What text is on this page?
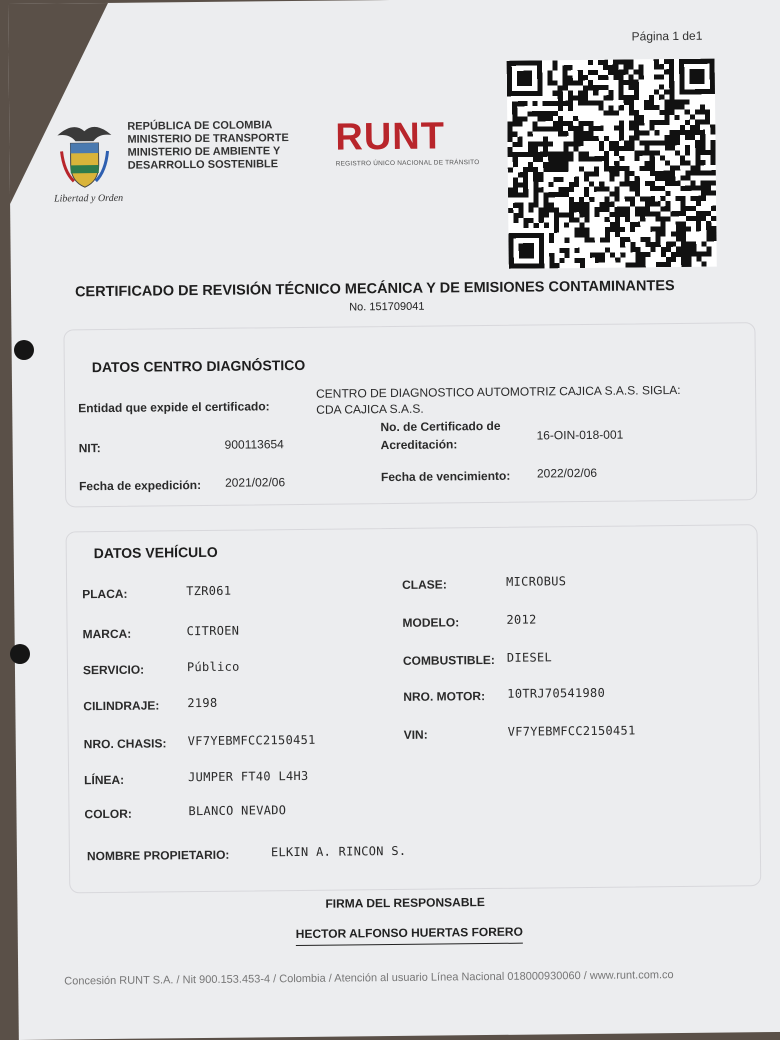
Página 1 de1
Libertad y Orden
REPÚBLICA DE COLOMBIA
MINISTERIO DE TRANSPORTE
MINISTERIO DE AMBIENTE Y
DESARROLLO SOSTENIBLE
RUNT
REGISTRO ÚNICO NACIONAL DE TRÁNSITO
CERTIFICADO DE REVISIÓN TÉCNICO MECÁNICA Y DE EMISIONES CONTAMINANTES
No. 151709041
DATOS CENTRO DIAGNÓSTICO
Entidad que expide el certificado:
CENTRO DE DIAGNOSTICO AUTOMOTRIZ CAJICA S.A.S. SIGLA:
CDA CAJICA S.A.S.
NIT:	900113654
No. de Certificado de
Acreditación:
16-OIN-018-001
Fecha de expedición: 2021/02/06	Fecha de vencimiento: 2022/02/06
DATOS VEHÍCULO
PLACA:	TZR061	CLASE:	MICROBUS
MARCA:	CITROEN
MODELO:	2012
SERVICIO:	Público	COMBUSTIBLE: DIESEL
CILINDRAJE: 2198	NRO. MOTOR: 10TRJ70541980
NRO. CHASIS: VF7YEBMFCC2150451	VIN:	VF7YEBMFCC2150451
LÍNEA:	JUMPER FT40 L4H3
COLOR:	BLANCO NEVADO
NOMBRE PROPIETARIO:	ELKIN A. RINCON S.
FIRMA DEL RESPONSABLE
HECTOR ALFONSO HUERTAS FORERO
Concesión RUNT S.A. / Nit 900.153.453-4 / Colombia / Atención al usuario Línea Nacional 018000930060 / www.runt.com.co
